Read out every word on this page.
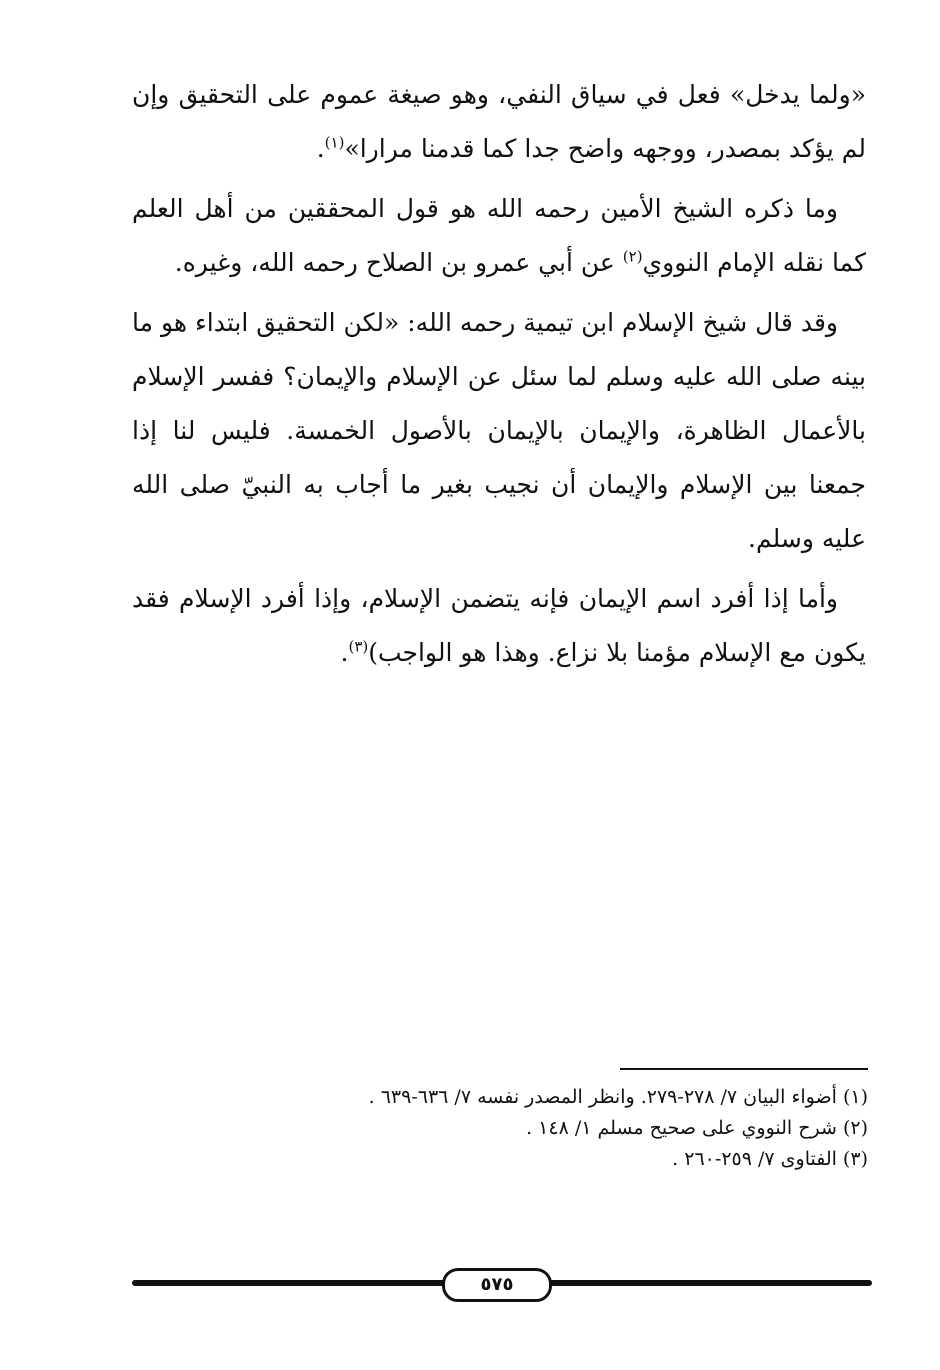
«ولما يدخل» فعل في سياق النفي، وهو صيغة عموم على التحقيق وإن لم يؤكد بمصدر، ووجهه واضح جدا كما قدمنا مرارا»$^{(١)}$.

وما ذكره الشيخ الأمين رحمه الله هو قول المحققين من أهل العلم كما نقله الإمام النووي$^{(٢)}$ عن أبي عمرو بن الصلاح رحمه الله، وغيره.

وقد قال شيخ الإسلام ابن تيمية رحمه الله: «لكن التحقيق ابتداء هو ما بينه صلى الله عليه وسلم لما سئل عن الإسلام والإيمان؟ ففسر الإسلام بالأعمال الظاهرة، والإيمان بالإيمان بالأصول الخمسة. فليس لنا إذا جمعنا بين الإسلام والإيمان أن نجيب بغير ما أجاب به النبيّ صلى الله عليه وسلم.

وأما إذا أفرد اسم الإيمان فإنه يتضمن الإسلام، وإذا أفرد الإسلام فقد يكون مع الإسلام مؤمنا بلا نزاع. وهذا هو الواجب)$^{(٣)}$.

(١) أضواء البيان ٧/ ٢٧٨-٢٧٩. وانظر المصدر نفسه ٧/ ٦٣٦-٦٣٩ .
(٢) شرح النووي على صحيح مسلم ١/ ١٤٨ .
(٣) الفتاوى ٧/ ٢٥٩-٢٦٠ .
٥٧٥
